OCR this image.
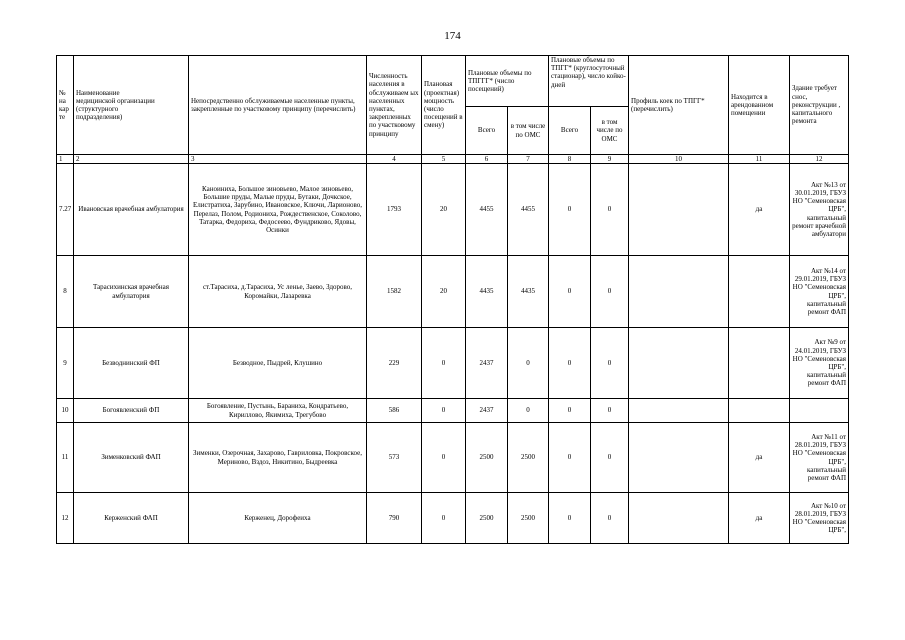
174
№
на
кар
те	Наименование
медицинской организации
(структурного
подразделения)	Непосредственно обслуживаемые населенные пункты, закрепленные по участковому принципу (перечислить)	Численность населения в обслуживаем ых населенных пунктах, закрепленных по участковому принципу	Плановая (проектная) мощность (число посещений в смену)	Плановые объемы по ТПГГГ* (число посещений)		Плановые объемы по ТПГГ* (круглосуточный стационар), число койко-дней		Профиль коек по ТПГГ* (перечислить)	Находится в арендованном помещении	Здание требует снос, реконструкции , капитального ремонта
					Всего	в том числе по ОМС	Всего	в том числе по ОМС			
1	2	3	4	5	6	7	8	9	10	11	12
7.27	Ивановская врачебная амбулатория	Каноиниха, Большое зиновьево, Малое зиновьево, Большие пруды, Малые пруды, Бутаки, Дочкское, Елистратиха, Зарубино, Ивановское, Ключи, Ларионово, Перелаз, Полом, Родиониха, Рождественское, Соколово, Татарка, Федориха, Федосеево, Фундриково, Ядовы, Осинки	1793	20	4455	4455	0	0		да	Акт №13 от 30.01.2019, ГБУЗ НО "Семеновская ЦРБ", капитальный ремонт врачебной амбулатори
8	Тарасихинская врачебная амбулатория	ст.Тарасиха, д.Тарасиха, Ус ленье, Заево, Здорово, Коромайки, Лазаревка	1582	20	4435	4435	0	0			Акт №14 от 29.01.2019, ГБУЗ НО "Семеновская ЦРБ", капитальный ремонт ФАП
9	Безводнинский ФП	Безводное, Пыдрей, Клушино	229	0	2437	0	0	0			Акт №9 от 24.01.2019, ГБУЗ НО "Семеновская ЦРБ", капитальный ремонт ФАП
10	Богоявленский ФП	Богоявление, Пустынь, Бараниха, Кондратьево, Кириллово, Якимиха, Трегубово	586	0	2437	0	0	0			
11	Зименковский ФАП	Зименки, Озерочная, Захарово, Гавриловка, Покровское, Мериново, Вздоз, Никитино, Быдреевка	573	0	2500	2500	0	0		да	Акт №11 от 28.01.2019, ГБУЗ НО "Семеновская ЦРБ", капитальный ремонт ФАП
12	Керженский ФАП	Керженец, Дорофеиха	790	0	2500	2500	0	0		да	Акт №10 от 28.01.2019, ГБУЗ НО "Семеновская ЦРБ",
